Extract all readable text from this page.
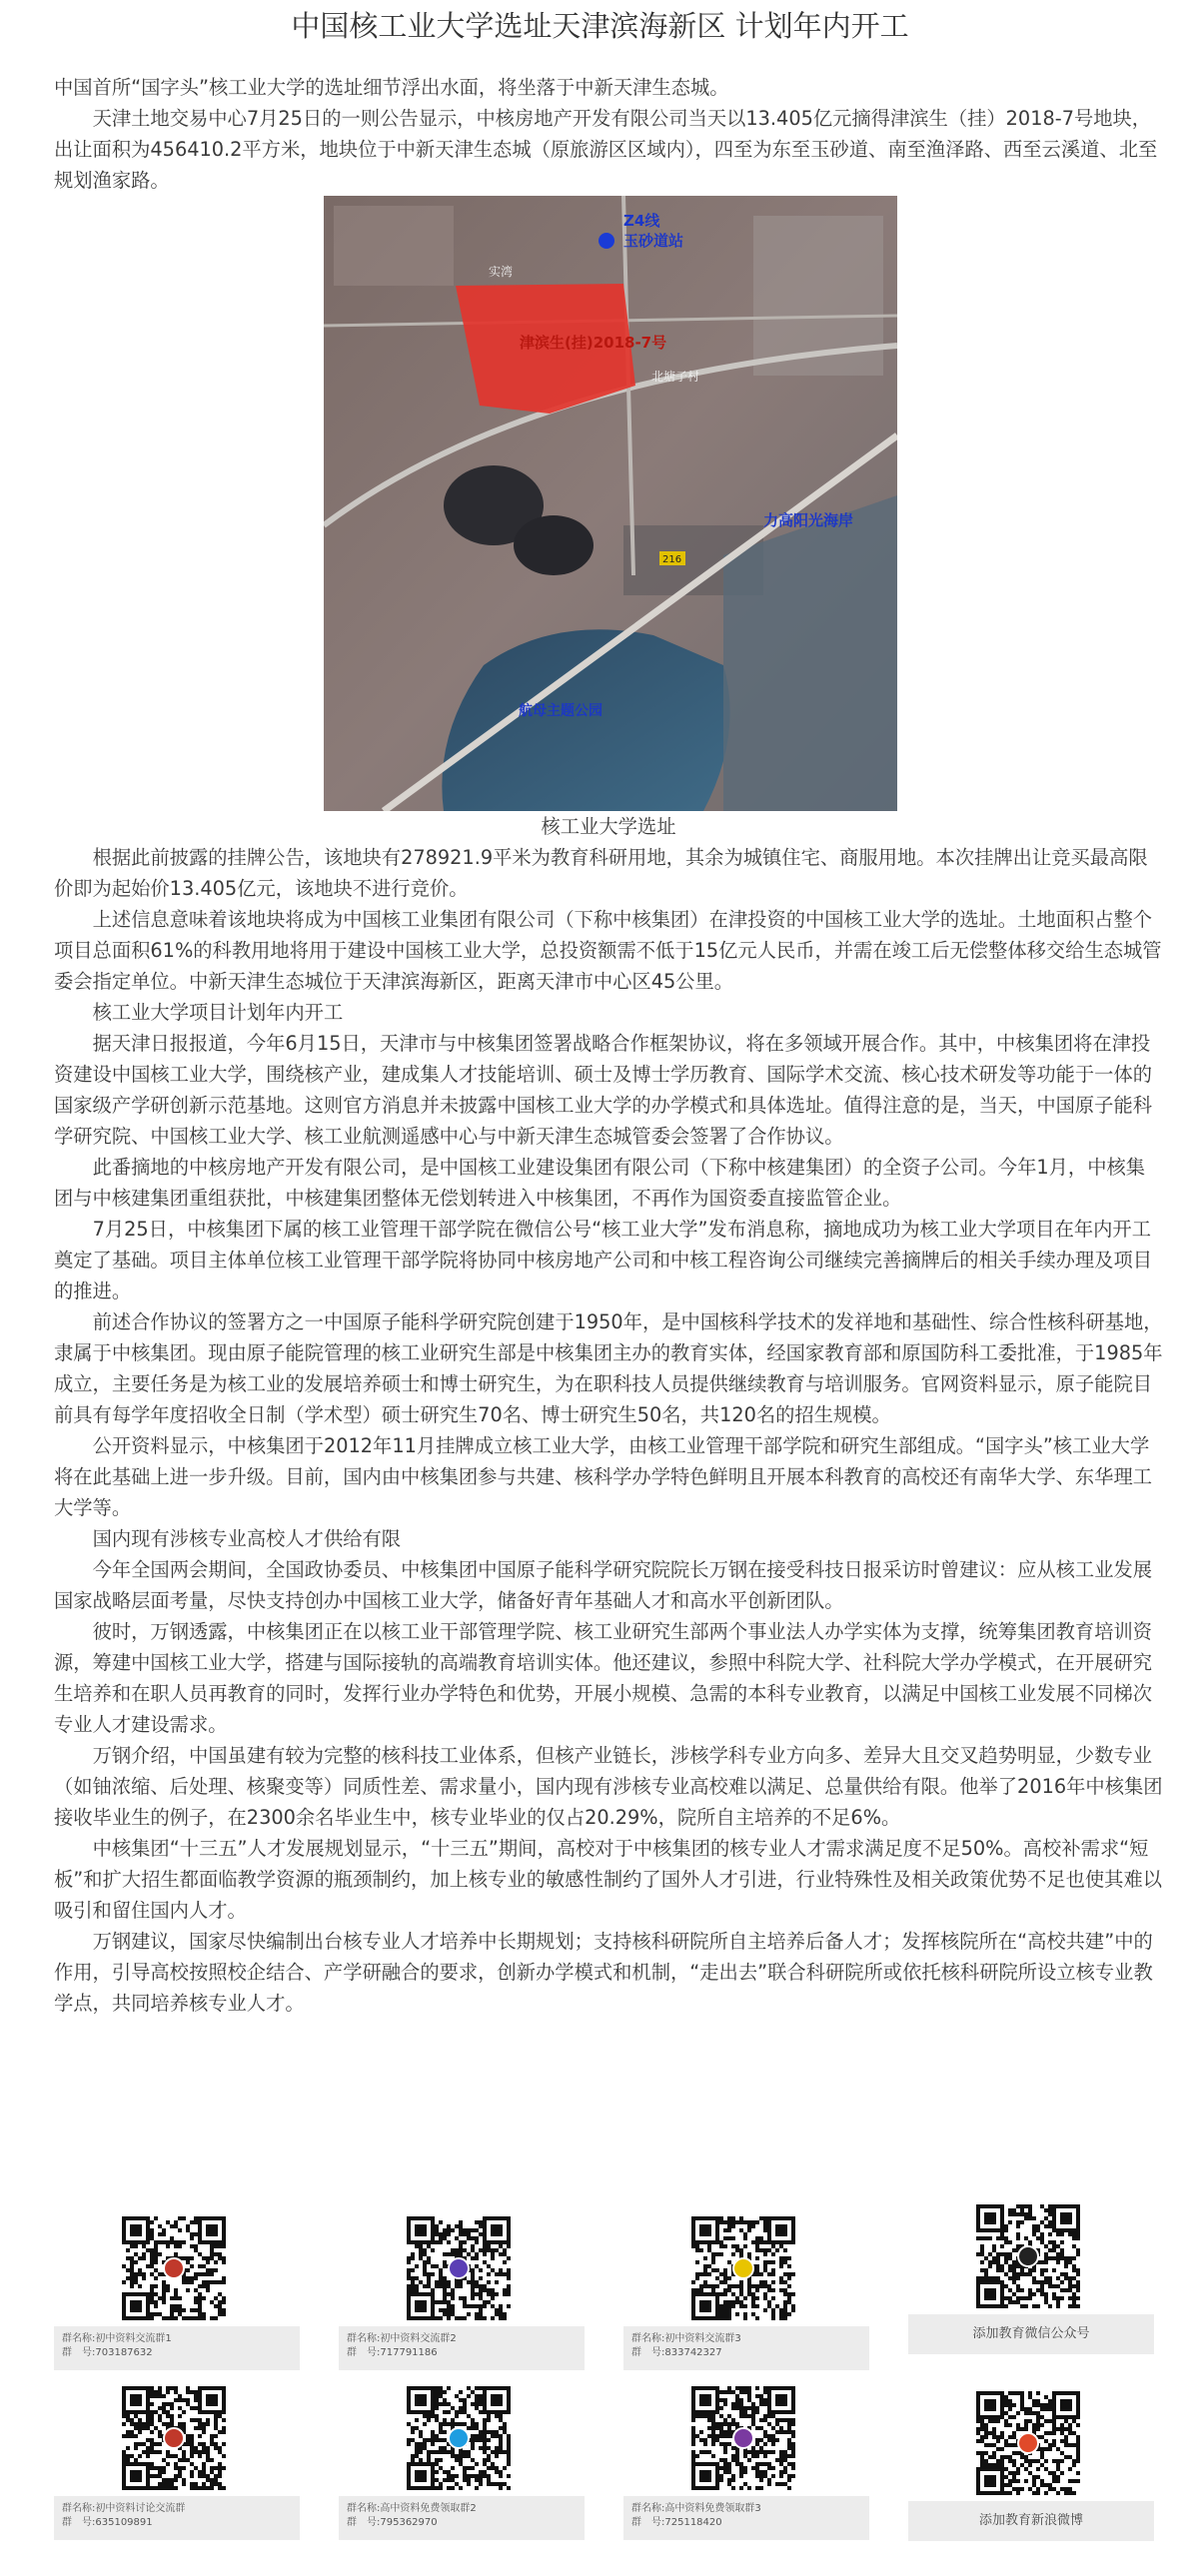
中国核工业大学选址天津滨海新区 计划年内开工

中国首所“国字头”核工业大学的选址细节浮出水面，将坐落于中新天津生态城。

天津土地交易中心7月25日的一则公告显示，中核房地产开发有限公司当天以13.405亿元摘得津滨生（挂）2018-7号地块，出让面积为456410.2平方米，地块位于中新天津生态城（原旅游区区域内），四至为东至玉砂道、南至渔泽路、西至云溪道、北至规划渔家路。

Z4线
玉砂道站
津滨生(挂)2018-7号
力高阳光海岸
航母主题公园
实湾
北塘子村
216
核工业大学选址

根据此前披露的挂牌公告，该地块有278921.9平米为教育科研用地，其余为城镇住宅、商服用地。本次挂牌出让竞买最高限价即为起始价13.405亿元，该地块不进行竞价。

上述信息意味着该地块将成为中国核工业集团有限公司（下称中核集团）在津投资的中国核工业大学的选址。土地面积占整个项目总面积61%的科教用地将用于建设中国核工业大学，总投资额需不低于15亿元人民币，并需在竣工后无偿整体移交给生态城管委会指定单位。中新天津生态城位于天津滨海新区，距离天津市中心区45公里。

核工业大学项目计划年内开工

据天津日报报道，今年6月15日，天津市与中核集团签署战略合作框架协议，将在多领域开展合作。其中，中核集团将在津投资建设中国核工业大学，围绕核产业，建成集人才技能培训、硕士及博士学历教育、国际学术交流、核心技术研发等功能于一体的国家级产学研创新示范基地。这则官方消息并未披露中国核工业大学的办学模式和具体选址。值得注意的是，当天，中国原子能科学研究院、中国核工业大学、核工业航测遥感中心与中新天津生态城管委会签署了合作协议。

此番摘地的中核房地产开发有限公司，是中国核工业建设集团有限公司（下称中核建集团）的全资子公司。今年1月，中核集团与中核建集团重组获批，中核建集团整体无偿划转进入中核集团，不再作为国资委直接监管企业。

7月25日，中核集团下属的核工业管理干部学院在微信公号“核工业大学”发布消息称，摘地成功为核工业大学项目在年内开工奠定了基础。项目主体单位核工业管理干部学院将协同中核房地产公司和中核工程咨询公司继续完善摘牌后的相关手续办理及项目的推进。

前述合作协议的签署方之一中国原子能科学研究院创建于1950年，是中国核科学技术的发祥地和基础性、综合性核科研基地，隶属于中核集团。现由原子能院管理的核工业研究生部是中核集团主办的教育实体，经国家教育部和原国防科工委批准，于1985年成立，主要任务是为核工业的发展培养硕士和博士研究生，为在职科技人员提供继续教育与培训服务。官网资料显示，原子能院目前具有每学年度招收全日制（学术型）硕士研究生70名、博士研究生50名，共120名的招生规模。

公开资料显示，中核集团于2012年11月挂牌成立核工业大学，由核工业管理干部学院和研究生部组成。“国字头”核工业大学将在此基础上进一步升级。目前，国内由中核集团参与共建、核科学办学特色鲜明且开展本科教育的高校还有南华大学、东华理工大学等。

国内现有涉核专业高校人才供给有限

今年全国两会期间，全国政协委员、中核集团中国原子能科学研究院院长万钢在接受科技日报采访时曾建议：应从核工业发展国家战略层面考量，尽快支持创办中国核工业大学，储备好青年基础人才和高水平创新团队。

彼时，万钢透露，中核集团正在以核工业干部管理学院、核工业研究生部两个事业法人办学实体为支撑，统筹集团教育培训资源，筹建中国核工业大学，搭建与国际接轨的高端教育培训实体。他还建议，参照中科院大学、社科院大学办学模式，在开展研究生培养和在职人员再教育的同时，发挥行业办学特色和优势，开展小规模、急需的本科专业教育，以满足中国核工业发展不同梯次专业人才建设需求。

万钢介绍，中国虽建有较为完整的核科技工业体系，但核产业链长，涉核学科专业方向多、差异大且交叉趋势明显，少数专业（如铀浓缩、后处理、核聚变等）同质性差、需求量小，国内现有涉核专业高校难以满足、总量供给有限。他举了2016年中核集团接收毕业生的例子，在2300余名毕业生中，核专业毕业的仅占20.29%，院所自主培养的不足6%。

中核集团“十三五”人才发展规划显示，“十三五”期间，高校对于中核集团的核专业人才需求满足度不足50%。高校补需求“短板”和扩大招生都面临教学资源的瓶颈制约，加上核专业的敏感性制约了国外人才引进，行业特殊性及相关政策优势不足也使其难以吸引和留住国内人才。

万钢建议，国家尽快编制出台核专业人才培养中长期规划；支持核科研院所自主培养后备人才；发挥核院所在“高校共建”中的作用，引导高校按照校企结合、产学研融合的要求，创新办学模式和机制，“走出去”联合科研院所或依托核科研院所设立核专业教学点，共同培养核专业人才。

群名称:初中资料交流群1
群　号:703187632
群名称:初中资料交流群2
群　号:717791186
群名称:初中资料交流群3
群　号:833742327
添加教育微信公众号
群名称:初中资料讨论交流群
群　号:635109891
群名称:高中资料免费领取群2
群　号:795362970
群名称:高中资料免费领取群3
群　号:725118420	添加教育新浪微博
